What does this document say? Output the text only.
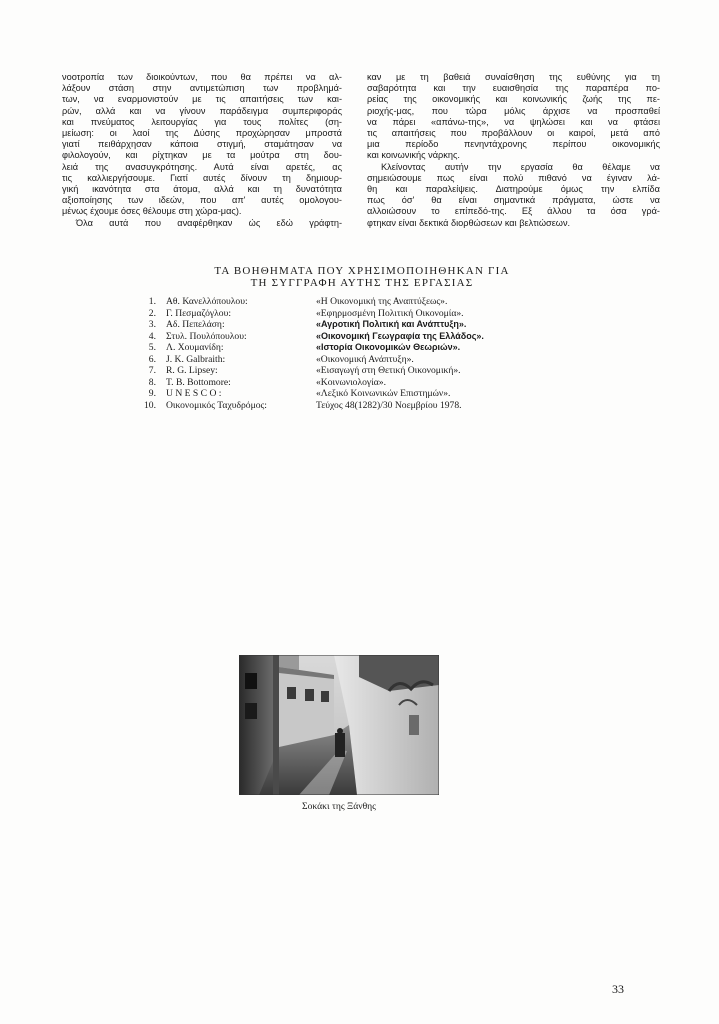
νοοτροπία των διοικούντων, που θα πρέπει να αλ-
λάξουν στάση στην αντιμετώπιση των προβλημά-
των, να εναρμονιστούν με τις απαιτήσεις των και-
ρών, αλλά και να γίνουν παράδειγμα συμπεριφοράς
και πνεύματος λειτουργίας για τους πολίτες (ση-
μείωση: οι λαοί της Δύσης προχώρησαν μπροστά
γιατί πειθάρχησαν κάποια στιγμή, σταμάτησαν να
φιλολογούν, και ρίχτηκαν με τα μούτρα στη δου-
λειά της ανασυγκρότησης. Αυτά είναι αρετές, ας
τις καλλιεργήσουμε. Γιατί αυτές δίνουν τη δημιουρ-
γική ικανότητα στα άτομα, αλλά και τη δυνατότητα
αξιοποίησης των ιδεών, που απ' αυτές ομολογου-
μένως έχουμε όσες θέλουμε στη χώρα-μας).
Όλα αυτά που αναφέρθηκαν ώς εδώ γράφτη-
καν με τη βαθειά συναίσθηση της ευθύνης για τη
σαβαρότητα και την ευαισθησία της παραπέρα πο-
ρείας της οικονομικής και κοινωνικής ζωής της πε-
ριοχής-μας, που τώρα μόλις άρχισε να προσπαθεί
να πάρει «απάνω-της», να ψηλώσει και να φτάσει
τις απαιτήσεις που προβάλλουν οι καιροί, μετά από
μια περίοδο πενηντάχρονης περίπου οικονομικής
και κοινωνικής νάρκης.
Κλείνοντας αυτήν την εργασία θα θέλαμε να
σημειώσουμε πως είναι πολύ πιθανό να έγιναν λά-
θη και παραλείψεις. Διατηρούμε όμως την ελπίδα
πως όσ' θα είναι σημαντικά πράγματα, ώστε να
αλλοιώσουν το επίπεδό-της. Εξ άλλου τα όσα γρά-
φτηκαν είναι δεκτικά διορθώσεων και βελτιώσεων.

ΤΑ ΒΟΗΘΗΜΑΤΑ ΠΟΥ ΧΡΗΣΙΜΟΠΟΙΗΘΗΚΑΝ ΓΙΑ

ΤΗ ΣΥΓΓΡΑΦΗ ΑΥΤΗΣ ΤΗΣ ΕΡΓΑΣΙΑΣ

1. Αθ. Κανελλόπουλου:	«Η Οικονομική της Αναπτύξεως».
2. Γ. Πεσμαζόγλου:	«Εφηρμοσμένη Πολιτική Οικονομία».
3. Αδ. Πεπελάση:	«Αγροτική Πολιτική και Ανάπτυξη».
4. Στυλ. Πουλόπουλου:	«Οικονομική Γεωγραφία της Ελλάδος».
5. Λ. Χουμανίδη:	«Ιστορία Οικονομικών Θεωριών».
6. J. K. Galbraith:	«Οικονομική Ανάπτυξη».
7. R. G. Lipsey:	«Εισαγωγή στη Θετική Οικονομική».
8. T. B. Bottomore:	«Κοινωνιολογία».
9. U N E S C O :	«Λεξικό Κοινωνικών Επιστημών».
10. Οικονομικός Ταχυδρόμος:	Τεύχος 48(1282)/30 Νοεμβρίου 1978.
Σοκάκι της Ξάνθης
33
